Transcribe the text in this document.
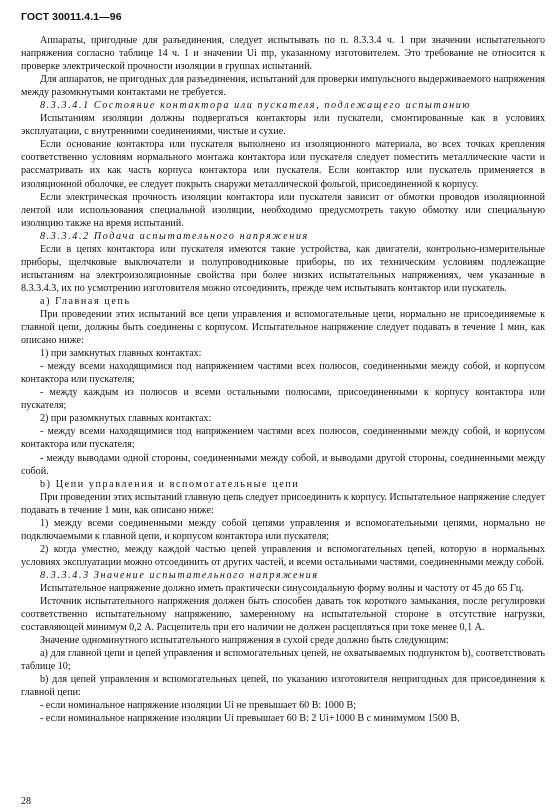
ГОСТ 30011.4.1—96

Аппараты, пригодные для разъединения, следует испытывать по п. 8.3.3.4 ч. 1 при значении испытательного напряжения согласно таблице 14 ч. 1 и значении Ui mp, указанному изготовителем. Это требование не относится к проверке электрической прочности изоляции в группах испытаний.

Для аппаратов, не пригодных для разъединения, испытаний для проверки импульсного выдерживаемого напряжения между разомкнутыми контактами не требуется.

8.3.3.4.1 Состояние контактора или пускателя, подлежащего испытанию

Испытаниям изоляции должны подвергаться контакторы или пускатели, смонтированные как в условиях эксплуатации, с внутренними соединениями, чистые и сухие.

Если основание контактора или пускателя выполнено из изоляционного материала, во всех точках крепления соответственно условиям нормального монтажа контактора или пускателя следует поместить металлические части и рассматривать их как часть корпуса контактора или пускателя. Если контактор или пускатель применяется в изоляционной оболочке, ее следует покрыть снаружи металлической фольгой, присоединенной к корпусу.

Если электрическая прочность изоляции контактора или пускателя зависит от обмотки проводов изоляционной лентой или использования специальной изоляции, необходимо предусмотреть такую обмотку или специальную изоляцию также на время испытаний.

8.3.3.4.2 Подача испытательного напряжения

Если в цепях контактора или пускателя имеются такие устройства, как двигатели, контрольно-измерительные приборы, щелчковые выключатели и полупроводниковые приборы, по их техническим условиям подлежащие испытаниям на электроизоляционные свойства при более низких испытательных напряжениях, чем указанные в 8.3.3.4.3, их по усмотрению изготовителя можно отсоединить, прежде чем испытывать контактор или пускатель.

а) Главная цепь

При проведении этих испытаний все цепи управления и вспомогательные цепи, нормально не присоединяемые к главной цепи, должны быть соединены с корпусом. Испытательное напряжение следует подавать в течение 1 мин, как описано ниже:

1) при замкнутых главных контактах:

- между всеми находящимися под напряжением частями всех полюсов, соединенными между собой, и корпусом контактора или пускателя;

- между каждым из полюсов и всеми остальными полюсами, присоединенными к корпусу контактора или пускателя;

2) при разомкнутых главных контактах:

- между всеми находящимися под напряжением частями всех полюсов, соединенными между собой, и корпусом контактора или пускателя;

- между выводами одной стороны, соединенными между собой, и выводами другой стороны, соединенными между собой.

b) Цепи управления и вспомогательные цепи

При проведении этих испытаний главную цепь следует присоединить к корпусу. Испытательное напряжение следует подавать в течение 1 мин, как описано ниже:

1) между всеми соединенными между собой цепями управления и вспомогательными цепями, нормально не подключаемыми к главной цепи, и корпусом контактора или пускателя;

2) когда уместно, между каждой частью цепей управления и вспомогательных цепей, которую в нормальных условиях эксплуатации можно отсоединить от других частей, и всеми остальными частями, соединенными между собой.

8.3.3.4.3 Значение испытательного напряжения

Испытательное напряжение должно иметь практически синусоидальную форму волны и частоту от 45 до 65 Гц.

Источник испытательного напряжения должен быть способен давать ток короткого замыкания, после регулировки соответственно испытательному напряжению, замеренному на испытательной стороне в отсутствие нагрузки, составляющей минимум 0,2 А. Расцепитель при его наличии не должен расцепляться при токе менее 0,1 А.

Значение одноминутного испытательного напряжения в сухой среде должно быть следующим:

а) для главной цепи и цепей управления и вспомогательных цепей, не охватываемых подпунктом b), соответствовать таблице 10;

b) для цепей управления и вспомогательных цепей, по указанию изготовителя непригодных для присоединения к главной цепи:

- если номинальное напряжение изоляции Ui не превышает 60 В: 1000 В;

- если номинальное напряжение изоляции Ui превышает 60 В: 2 Ui+1000 В с минимумом 1500 В.

28
